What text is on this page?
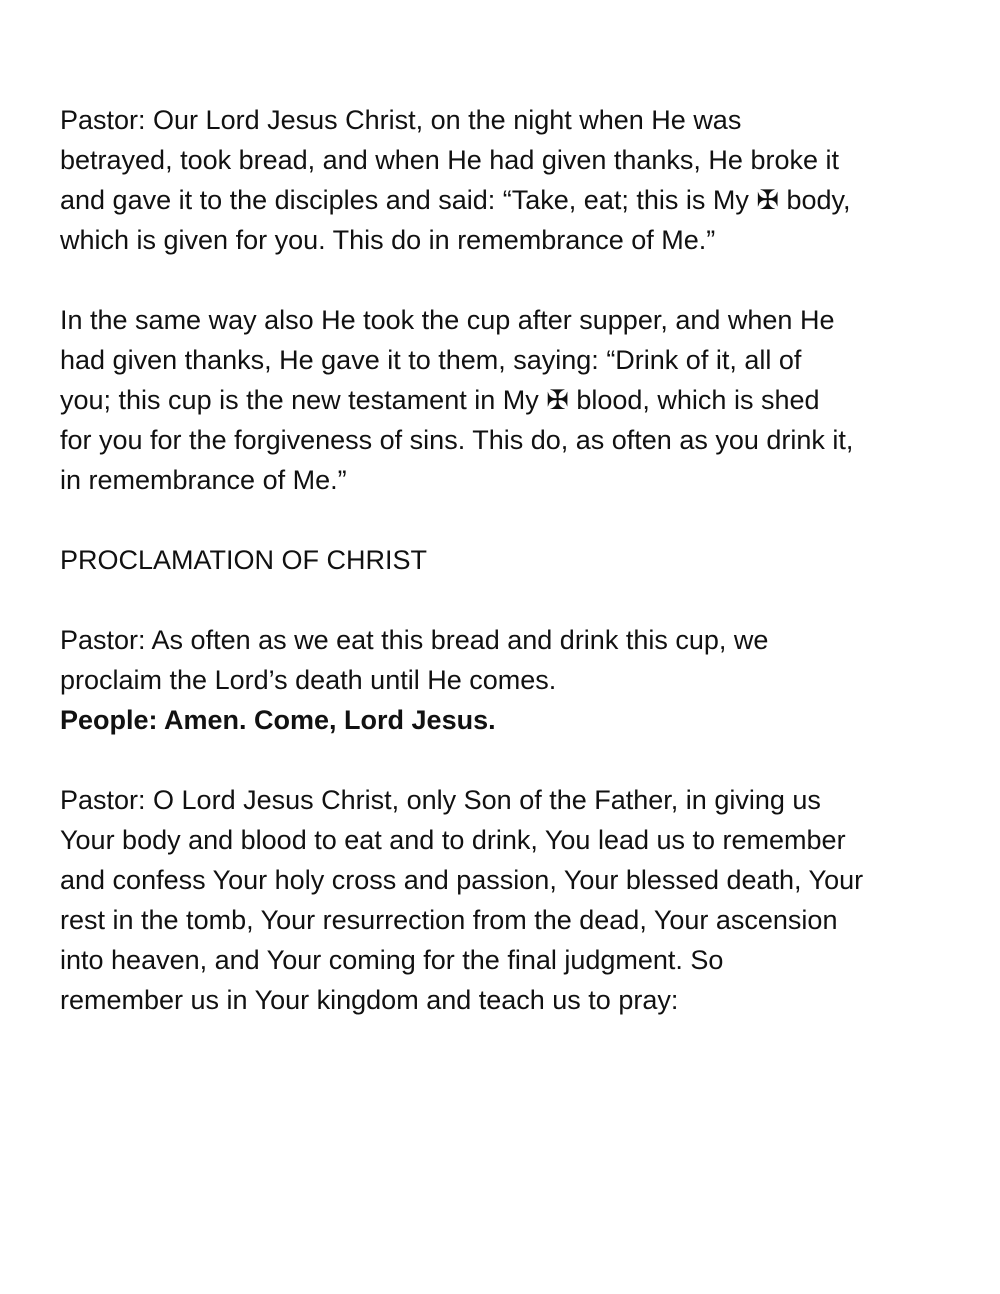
Pastor: Our Lord Jesus Christ, on the night when He was
betrayed, took bread, and when He had given thanks, He broke it
and gave it to the disciples and said: “Take, eat; this is My ✠ body,
which is given for you. This do in remembrance of Me.”
In the same way also He took the cup after supper, and when He
had given thanks, He gave it to them, saying: “Drink of it, all of
you; this cup is the new testament in My ✠ blood, which is shed
for you for the forgiveness of sins. This do, as often as you drink it,
in remembrance of Me.”
PROCLAMATION OF CHRIST
Pastor: As often as we eat this bread and drink this cup, we
proclaim the Lord’s death until He comes.
People: Amen. Come, Lord Jesus.
Pastor: O Lord Jesus Christ, only Son of the Father, in giving us
Your body and blood to eat and to drink, You lead us to remember
and confess Your holy cross and passion, Your blessed death, Your
rest in the tomb, Your resurrection from the dead, Your ascension
into heaven, and Your coming for the final judgment. So
remember us in Your kingdom and teach us to pray:
